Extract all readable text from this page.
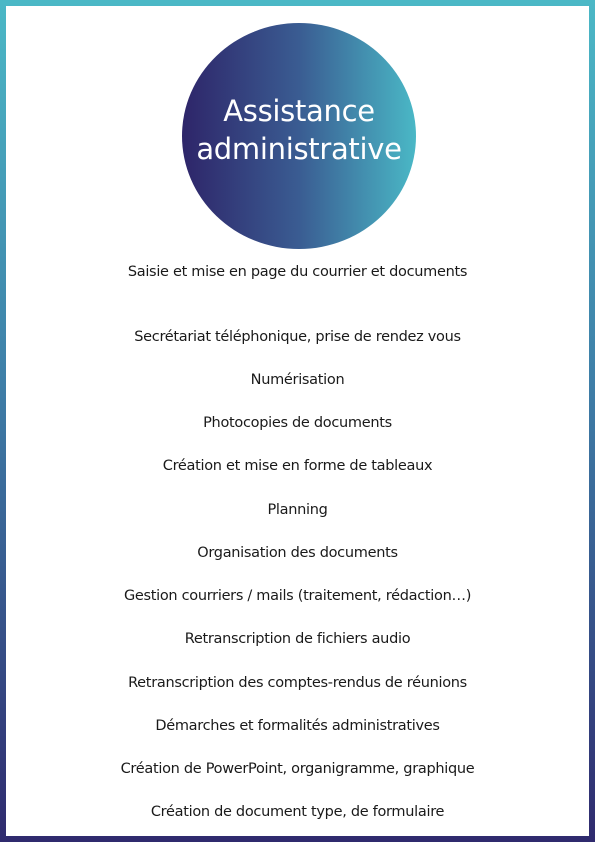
Assistance
administrative
Saisie et mise en page du courrier et documents
Secrétariat téléphonique, prise de rendez vous
Numérisation
Photocopies de documents
Création et mise en forme de tableaux
Planning
Organisation des documents
Gestion courriers / mails (traitement, rédaction…)
Retranscription de fichiers audio
Retranscription des comptes-rendus de réunions
Démarches et formalités administratives
Création de PowerPoint, organigramme, graphique
Création de document type, de formulaire
